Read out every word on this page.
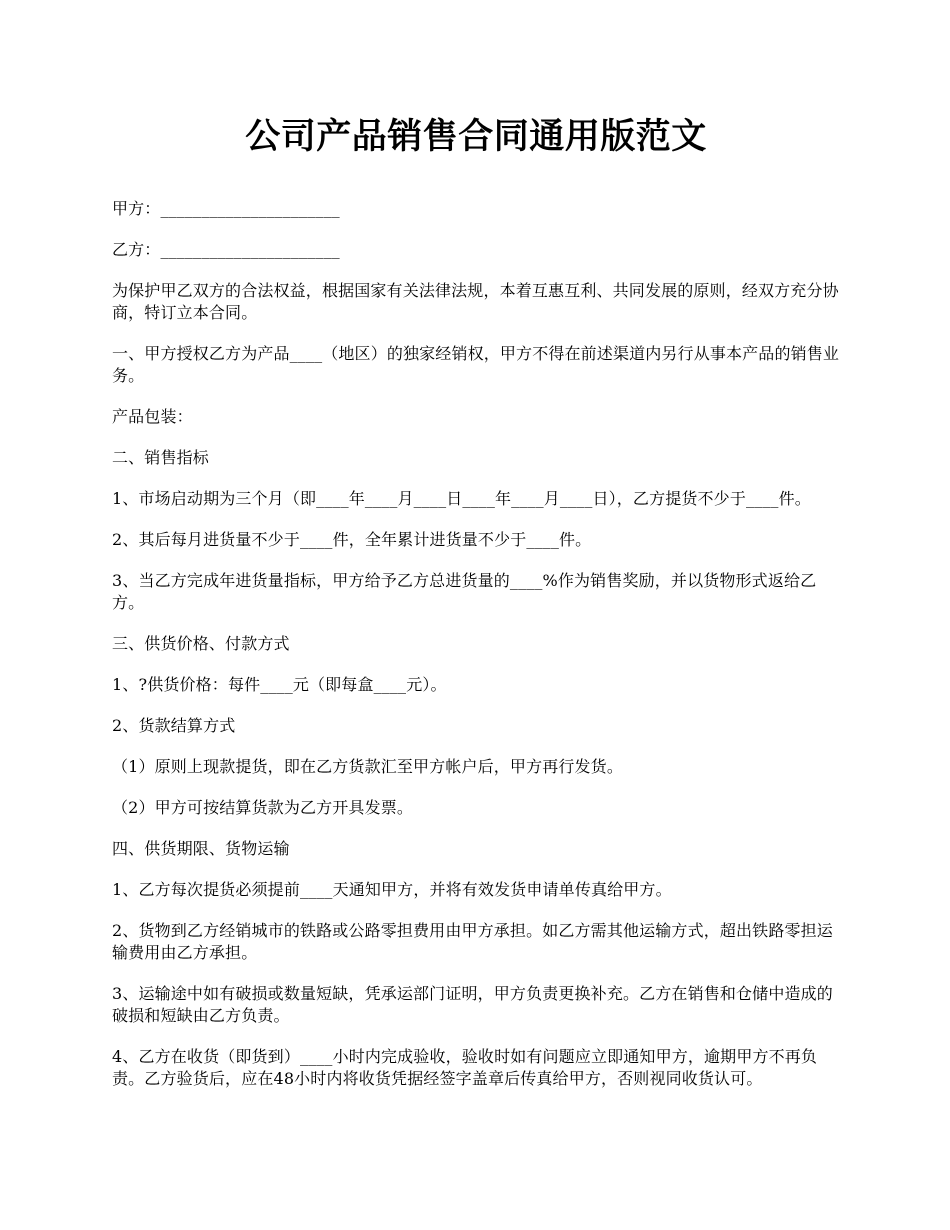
公司产品销售合同通用版范文

甲方：______________________

乙方：______________________

为保护甲乙双方的合法权益，根据国家有关法律法规，本着互惠互利、共同发展的原则，经双方充分协商，特订立本合同。

一、甲方授权乙方为产品____（地区）的独家经销权，甲方不得在前述渠道内另行从事本产品的销售业务。

产品包装：

二、销售指标

1、市场启动期为三个月（即____年____月____日____年____月____日），乙方提货不少于____件。

2、其后每月进货量不少于____件，全年累计进货量不少于____件。

3、当乙方完成年进货量指标，甲方给予乙方总进货量的____%作为销售奖励，并以货物形式返给乙方。

三、供货价格、付款方式

1、?供货价格：每件____元（即每盒____元）。

2、货款结算方式

（1）原则上现款提货，即在乙方货款汇至甲方帐户后，甲方再行发货。

（2）甲方可按结算货款为乙方开具发票。

四、供货期限、货物运输

1、乙方每次提货必须提前____天通知甲方，并将有效发货申请单传真给甲方。

2、货物到乙方经销城市的铁路或公路零担费用由甲方承担。如乙方需其他运输方式，超出铁路零担运输费用由乙方承担。

3、运输途中如有破损或数量短缺，凭承运部门证明，甲方负责更换补充。乙方在销售和仓储中造成的破损和短缺由乙方负责。

4、乙方在收货（即货到）____小时内完成验收，验收时如有问题应立即通知甲方，逾期甲方不再负责。乙方验货后，应在48小时内将收货凭据经签字盖章后传真给甲方，否则视同收货认可。
